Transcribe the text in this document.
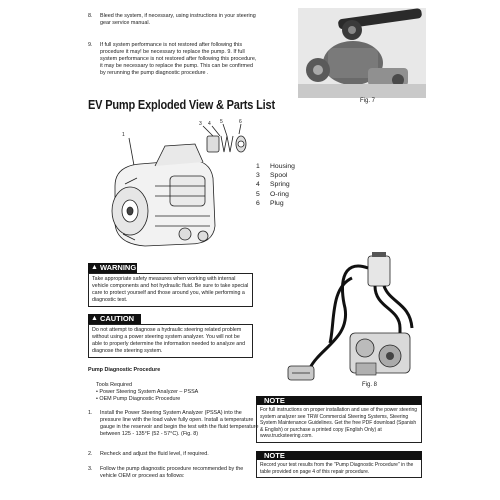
8. Bleed the system, if necessary, using instructions in your steering gear service manual.
9. If full system performance is not restored after following this procedure it may! be necessary to replace the pump. 9. If full system performance is not restored after following this procedure, it may be necessary to replace the pump. This can be confirmed by rerunning the pump diagnostic procedure .
Fig. 7
EV Pump Exploded View & Parts List
1
3 4 5	6
1	Housing
3	Spool
4	Spring
5	O-ring
6	Plug
▲ WARNING
Take appropriate safety measures when working with internal vehicle components and hot hydraulic fluid. Be sure to take special care to protect yourself and those around you, while performing a diagnostic test.
▲ CAUTION
Do not attempt to diagnose a hydraulic steering related problem without using a power steering system analyzer. You will not be able to properly determine the information needed to analyze and diagnose the steering system.
Pump Diagnostic Procedure
Tools Required
• Power Steering System Analyzer – PSSA
• OEM Pump Diagnostic Procedure
1. Install the Power Steering System Analyzer (PSSA) into the pressure line with the load valve fully open. Install a temperature gauge in the reservoir and begin the test with the fluid temperature between 125 - 135°F (52 - 57°C). (Fig. 8)
2. Recheck and adjust the fluid level, if required.
3. Follow the pump diagnostic procedure recommended by the vehicle OEM or proceed as follows:
Fig. 8
NOTE
For full instructions on proper installation and use of the power steering system analyzer see TRW Commercial Steering Systems, Steering System Maintenance Guidelines. Get the free PDF download (Spanish & English) or purchase a printed copy (English Only) at www.trucksteering.com.
NOTE
Record your test results from the "Pump Diagnostic Procedure" in the table provided on page 4 of this repair procedure.
